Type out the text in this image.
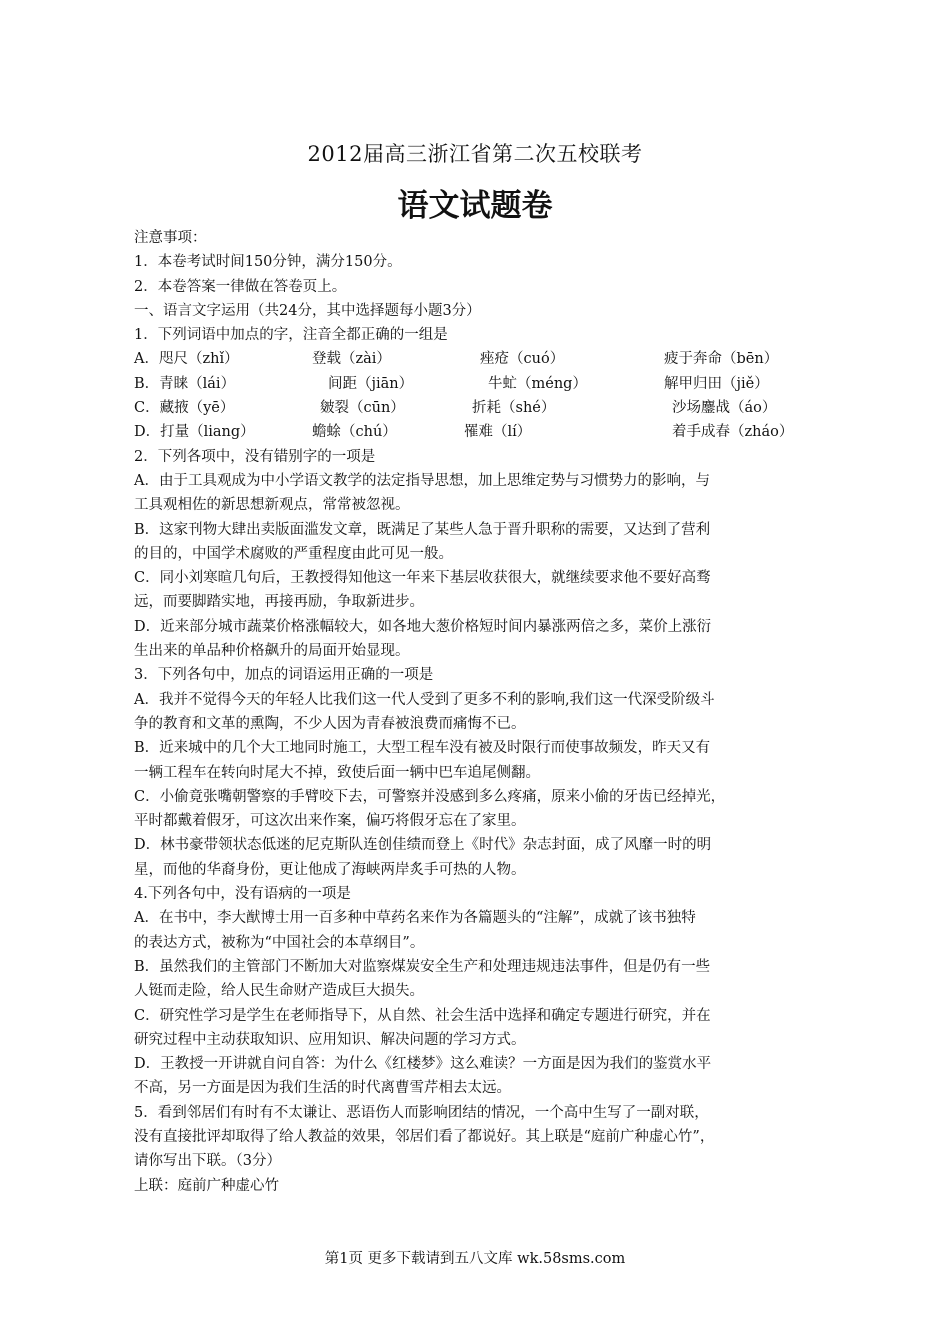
2012届高三浙江省第二次五校联考
语文试题卷
注意事项：
1．本卷考试时间150分钟，满分150分。
2．本卷答案一律做在答卷页上。
一、语言文字运用（共24分，其中选择题每小题3分）
1．下列词语中加点的字，注音全都正确的一组是
A．咫尺（zhǐ）	登载（zài）	痤疮（cuó）	疲于奔命（bēn）
B．青睐（lái）	间距（jiān）	牛虻（méng）	解甲归田（jiě）
C．藏掖（yē）	皴裂（cūn）	折耗（shé）	沙场鏖战（áo）
D．打量（liang）	蟾蜍（chú）	罹难（lí）	着手成春（zháo）
2．下列各项中，没有错别字的一项是
A．由于工具观成为中小学语文教学的法定指导思想，加上思维定势与习惯势力的影响，与
工具观相佐的新思想新观点，常常被忽视。
B．这家刊物大肆出卖版面滥发文章，既满足了某些人急于晋升职称的需要，又达到了营利
的目的，中国学术腐败的严重程度由此可见一般。
C．同小刘寒暄几句后，王教授得知他这一年来下基层收获很大，就继续要求他不要好高骛
远，而要脚踏实地，再接再励，争取新进步。
D．近来部分城市蔬菜价格涨幅较大，如各地大葱价格短时间内暴涨两倍之多，菜价上涨衍
生出来的单品种价格飙升的局面开始显现。
3．下列各句中，加点的词语运用正确的一项是
A．我并不觉得今天的年轻人比我们这一代人受到了更多不利的影响,我们这一代深受阶级斗
争的教育和文革的熏陶，不少人因为青春被浪费而痛悔不已。
B．近来城中的几个大工地同时施工，大型工程车没有被及时限行而使事故频发，昨天又有
一辆工程车在转向时尾大不掉，致使后面一辆中巴车追尾侧翻。
C．小偷竟张嘴朝警察的手臂咬下去，可警察并没感到多么疼痛，原来小偷的牙齿已经掉光，
平时都戴着假牙，可这次出来作案，偏巧将假牙忘在了家里。
D．林书豪带领状态低迷的尼克斯队连创佳绩而登上《时代》杂志封面，成了风靡一时的明
星，而他的华裔身份，更让他成了海峡两岸炙手可热的人物。
4.下列各句中，没有语病的一项是
A．在书中，李大猷博士用一百多种中草药名来作为各篇题头的“注解”，成就了该书独特
的表达方式，被称为“中国社会的本草纲目”。
B．虽然我们的主管部门不断加大对监察煤炭安全生产和处理违规违法事件，但是仍有一些
人铤而走险，给人民生命财产造成巨大损失。
C．研究性学习是学生在老师指导下，从自然、社会生活中选择和确定专题进行研究，并在
研究过程中主动获取知识、应用知识、解决问题的学习方式。
D．王教授一开讲就自问自答：为什么《红楼梦》这么难读？一方面是因为我们的鉴赏水平
不高，另一方面是因为我们生活的时代离曹雪芹相去太远。
5．看到邻居们有时有不太谦让、恶语伤人而影响团结的情况，一个高中生写了一副对联，
没有直接批评却取得了给人教益的效果，邻居们看了都说好。其上联是“庭前广种虚心竹”，
请你写出下联。（3分）
上联：庭前广种虚心竹
第1页 更多下载请到五八文库 wk.58sms.com
